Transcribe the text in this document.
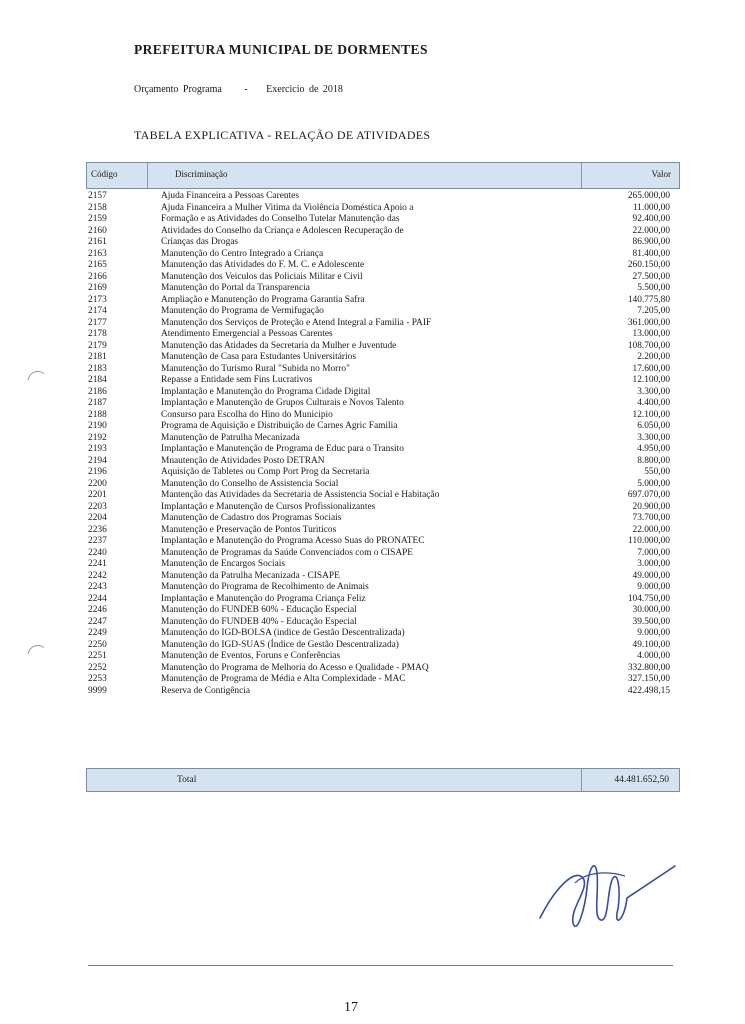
PREFEITURA MUNICIPAL DE DORMENTES
Orçamento Programa - Exercicio de 2018
TABELA EXPLICATIVA - RELAÇÃO DE ATIVIDADES
Código	Discriminação	Valor
2157	Ajuda Financeira a Pessoas Carentes	265.000,00
2158	Ajuda Financeira a Mulher Vitima da Violência Doméstica Apoio a	11.000,00
2159	Formação e as Atividades do Conselho Tutelar Manutenção das	92.400,00
2160	Atividades do Conselho da Criança e Adolescen Recuperação de	22.000,00
2161	Crianças das Drogas	86.900,00
2163	Manutenção do Centro Integrado a Criança	81.400,00
2165	Manutenção das Atividades do F. M. C. e Adolescente	260.150,00
2166	Manutenção dos Veiculos das Policiais Militar e Civil	27.500,00
2169	Manutenção do Portal da Transparencia	5.500,00
2173	Ampliação e Manutenção do Programa Garantia Safra	140.775,80
2174	Manutenção do Programa de Vermifugação	7.205,00
2177	Manutenção dos Serviços de Proteção e Atend Integral a Familia - PAIF	361.000,00
2178	Atendimento Emergencial a Pessoas Carentes	13.000,00
2179	Manutenção das Atidades da Secretaria da Mulher e Juventude	108.700,00
2181	Manutenção de Casa para Estudantes Universitários	2.200,00
2183	Manutenção do Turismo Rural "Subida no Morro"	17.600,00
2184	Repasse a Entidade sem Fins Lucrativos	12.100,00
2186	Implantação e Manutenção do Programa Cidade Digital	3.300,00
2187	Implantação e Manutenção de Grupos Culturais e Novos Talento	4.400,00
2188	Consurso para Escolha do Hino do Municipio	12.100,00
2190	Programa de Aquisição e Distribuição de Carnes Agric Familia	6.050,00
2192	Manutenção de Patrulha Mecanizada	3.300,00
2193	Implantação e Manutenção de Programa de Educ para o Transito	4.950,00
2194	Mnautenção de Atividades Posto DETRAN	8.800,00
2196	Aquisição de Tabletes ou Comp Port Prog da Secretaria	550,00
2200	Manutenção do Conselho de Assistencia Social	5.000,00
2201	Mantenção das Atividades da Secretaria de Assistencia Social e Habitação	697.070,00
2203	Implantação e Manutenção de Cursos Profissionalizantes	20.900,00
2204	Manutenção de Cadastro dos Programas Sociais	73.700,00
2236	Manutenção e Preservação de Pontos Turiticos	22.000,00
2237	Implantação e Manutenção do Programa Acesso Suas do PRONATEC	110.000,00
2240	Manutenção de Programas da Saúde Convenciados com o CISAPE	7.000,00
2241	Manutenção de Encargos Sociais	3.000,00
2242	Manutenção da Patrulha Mecanizada - CISAPE	49.000,00
2243	Manutenção do Programa de Recolhimento de Animais	9.000,00
2244	Implantação e Manutenção do Programa Criança Feliz	104.750,00
2246	Manutenção do FUNDEB 60% - Educação Especial	30.000,00
2247	Manutenção do FUNDEB 40% - Educação Especial	39.500,00
2249	Manutenção do IGD-BOLSA (indice de Gestão Descentralizada)	9.000,00
2250	Manutenção do IGD-SUAS (Índice de Gestão Descentralizada)	49.100,00
2251	Manutenção de Eventos, Foruns e Conferências	4.000,00
2252	Manutenção do Programa de Melhoria do Acesso e Qualidade - PMAQ	332.800,00
2253	Manutenção de Programa de Média e Alta Complexidade - MAC	327.150,00
9999	Reserva de Contigência	422.498,15
Total	44.481.652,50
17
